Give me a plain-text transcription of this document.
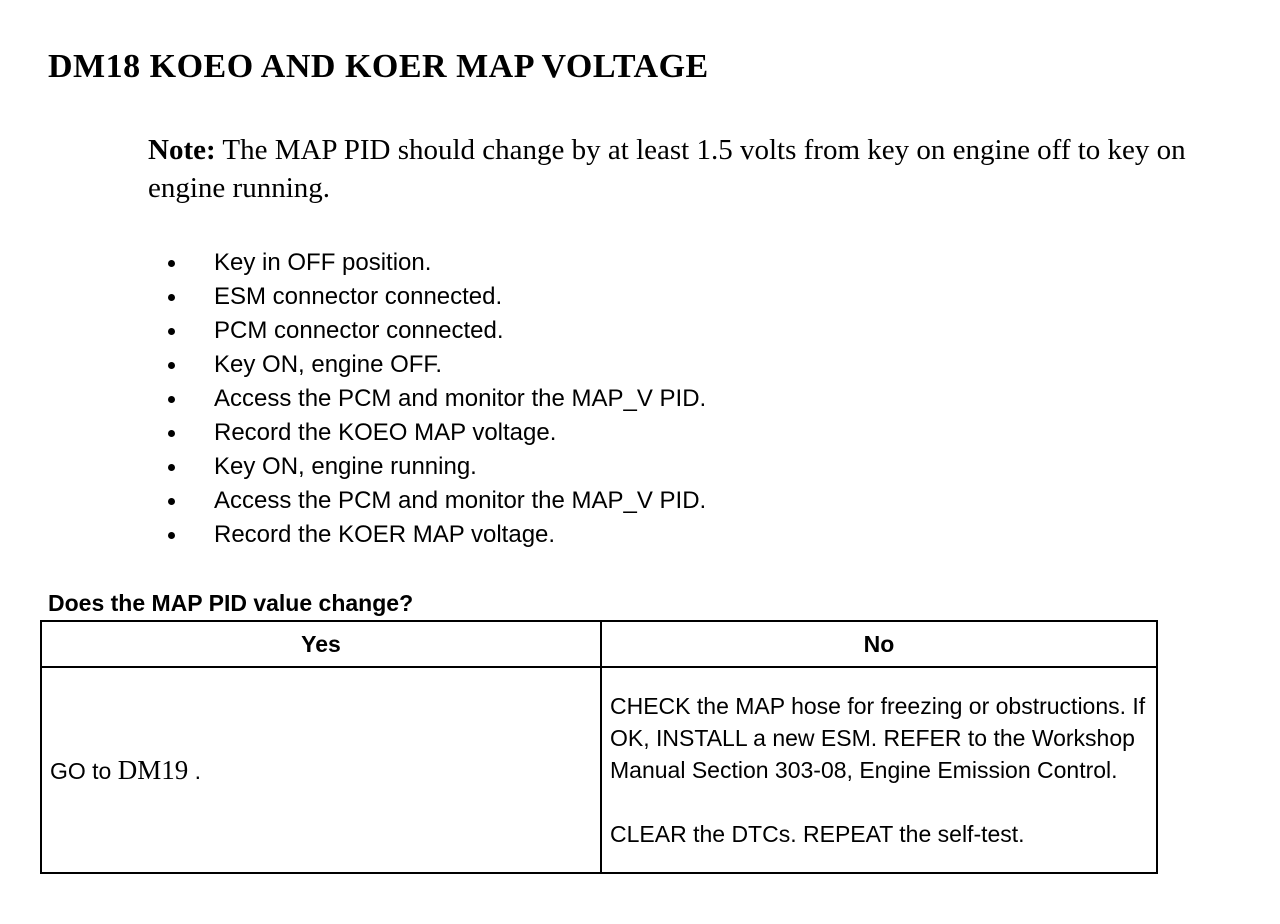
DM18 KOEO AND KOER MAP VOLTAGE

Note: The MAP PID should change by at least 1.5 volts from key on engine off to key on engine running.

Key in OFF position.
ESM connector connected.
PCM connector connected.
Key ON, engine OFF.
Access the PCM and monitor the MAP_V PID.
Record the KOEO MAP voltage.
Key ON, engine running.
Access the PCM and monitor the MAP_V PID.
Record the KOER MAP voltage.

Does the MAP PID value change?

Yes	No
GO to DM19 .	CHECK the MAP hose for freezing or obstructions. If OK, INSTALL a new ESM. REFER to the Workshop Manual Section 303-08, Engine Emission Control.

CLEAR the DTCs. REPEAT the self-test.
